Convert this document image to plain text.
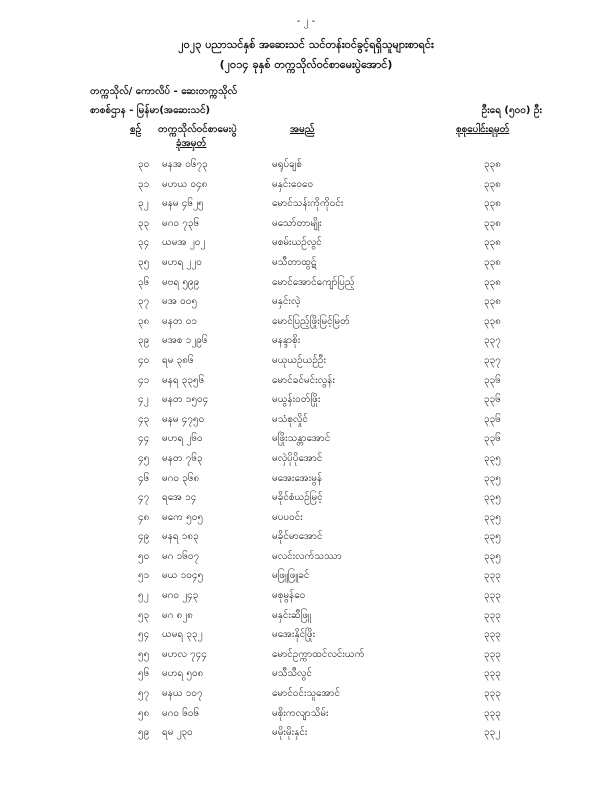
- ၂ -
၂၀၂၃ ပညာသင်နှစ် အဆေးသင် သင်တန်းဝင်ခွင့်ရရှိသူများစာရင်း
(၂၀၁၄ ခုနှစ် တက္ကသိုလ်ဝင်စာမေးပွဲအောင်)
တက္ကသိုလ်/ ကောလိပ် - ဆေးတက္ကသိုလ်
စာစစ်ဌာန - မြန်မာ(အဆေးသင်)	ဦးရေ (၅၀၀) ဦး
စဉ် တက္ကသိုလ်ဝင်စာမေးပွဲ
ခုံအမှတ်
အမည်	စုစုပေါင်းရမှတ်
၃၀ မနအ ၀၆၇၃	မရုပ်ချစ်	၃၃၈
၃၁ မဟယ ၀၄၈	မနှင်းဝေဝေ	၃၃၈
၃၂ မနမ ၄၆၂၅	မောင်သန်းကိုကိုဝင်း	၃၃၈
၃၃ မဂဝ ၇၃၆	မသော်တာမျိုး	၃၃၈
၃၄ ယမအ ၂၀၂	မစမ်းယဉ်လွင်	၃၃၈
၃၅ မဟရ ၂၂၀	မသီတာထွဋ်	၃၃၈
၃၆ မဗရ ၅၉၉	မောင်အောင်ကျော်ပြည့်	၃၃၈
၃၇ မအ ၀၀၅	မနှင်းလဲ့	၃၃၈
၃၈ မနတ ၀၁	မောင်ပြည့်ဖြိုးမြင့်မြတ်	၃၃၈
၃၉ မအစ ၁၂၉၆	မနန္ဒာစိုး	၃၃၇
၄၀ ရမ ၃၈၆	မယုယဉ်ယဉ်ဦး	၃၃၇
၄၁ မနရ ၃၃၅၆	မောင်ခင်မင်းလွန်း	၃၃၆
၄၂ မနတ ၁၅၀၄	မယွန်းဝတ်ဖြိုး	၃၃၆
၄၃ မနမ ၄၇၅၀	မသံစုလှိုင်	၃၃၆
၄၄ မဟရ ၂၆၀	မဖြိုးသန္တာအောင်	၃၃၆
၄၅ မနတ ၇၆၃	မလှဲပိုပိုအောင်	၃၃၅
၄၆ မဂဝ ၃၆၈	မအေးအေးမွန်	၃၃၅
၄၇ ရအေ ၁၄	မခိုင်စံယဉ်မြင့်	၃၃၅
၄၈ မကေ ၅၀၅	မပပဝင်း	၃၃၅
၄၉ မနရ ၁၈၃	မခိုင်မာအောင်	၃၃၅
၅၀ မဂ ၁၆၀၇	မလင်းလက်သဿာ	၃၃၅
၅၁ မယ ၁၀၄၅	မဖြူဖြူခင်	၃၃၃
၅၂ မဂဝ ၂၄၃	မစုမွန်ဝေ	၃၃၃
၅၃ မဂ ၈၂၈	မနှင်းဆီဖြူ	၃၃၃
၅၄ ယမရ ၃၃၂	မအေးနိုင်ဖြိုး	၃၃၃
၅၅ မဟလ ၇၄၄	မောင်ဥက္ကာထင်လင်းယက်	၃၃၃
၅၆ မဟရ ၅၀၈	မသီသီလွင်	၃၃၃
၅၇ မနယ ၁၀၇	မောင်ဝင်းသူအောင်	၃၃၃
၅၈ မဂဝ ၆၀၆	မစိုးကလျာသိမ်း	၃၃၃
၅၉ ရမ ၂၃၀	မမိုးမိုးနှင်း	၃၃၂
